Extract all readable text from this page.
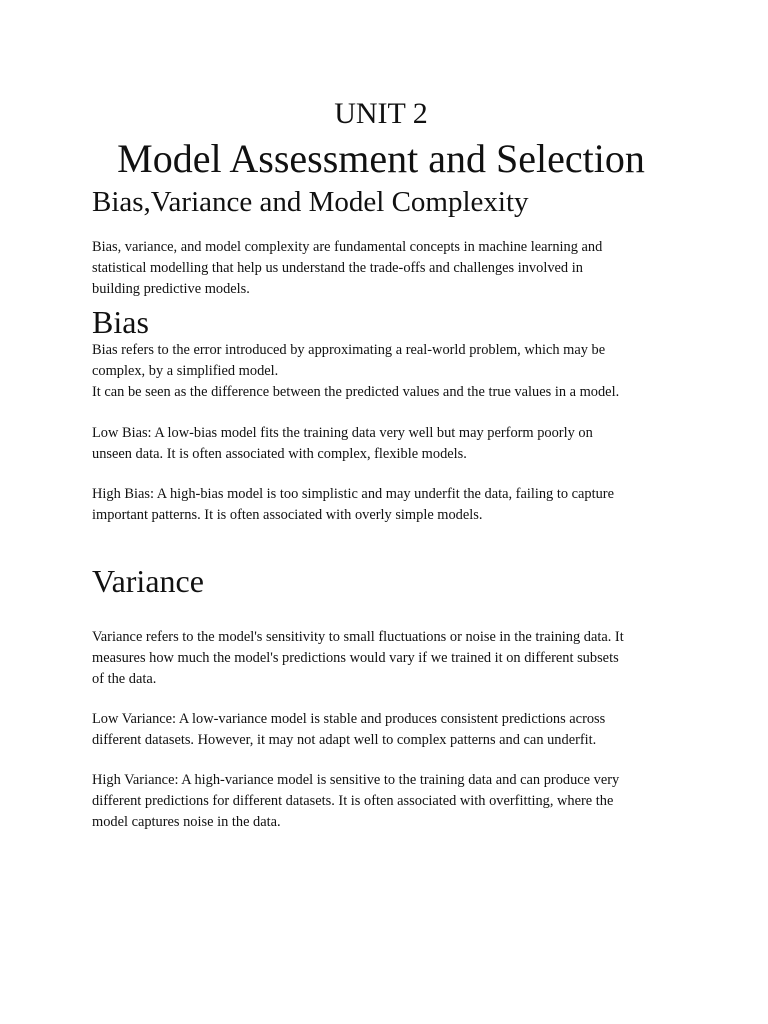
UNIT 2
Model Assessment and Selection
Bias,Variance and Model Complexity

Bias, variance, and model complexity are fundamental concepts in machine learning and
statistical modelling that help us understand the trade-offs and challenges involved in
building predictive models.

Bias

Bias refers to the error introduced by approximating a real-world problem, which may be
complex, by a simplified model.
It can be seen as the difference between the predicted values and the true values in a model.

Low Bias: A low-bias model fits the training data very well but may perform poorly on
unseen data. It is often associated with complex, flexible models.

High Bias: A high-bias model is too simplistic and may underfit the data, failing to capture
important patterns. It is often associated with overly simple models.

Variance

Variance refers to the model's sensitivity to small fluctuations or noise in the training data. It
measures how much the model's predictions would vary if we trained it on different subsets
of the data.

Low Variance: A low-variance model is stable and produces consistent predictions across
different datasets. However, it may not adapt well to complex patterns and can underfit.

High Variance: A high-variance model is sensitive to the training data and can produce very
different predictions for different datasets. It is often associated with overfitting, where the
model captures noise in the data.
